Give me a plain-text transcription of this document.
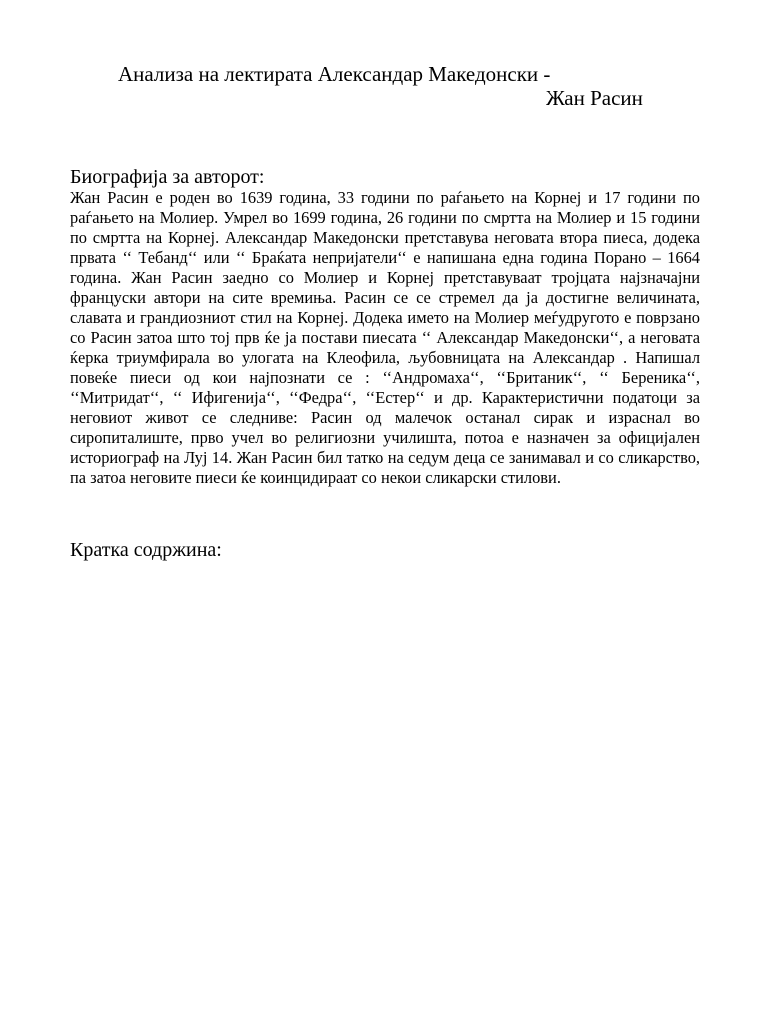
Анализа на лектирата Александар Македонски -
Жан Расин
Биографија за авторот:
Жан Расин е роден во 1639 година, 33 години по раѓањето на Корнеј и 17 години по раѓањето на Молиер. Умрел во 1699 година, 26 години по смртта на Молиер и 15 години по смртта на Корнеј. Александар Македонски претставува неговата втора пиеса, додека првата ‘‘ Тебанд‘‘ или ‘‘ Браќата непријатели‘‘ е напишана една година Порано – 1664 година. Жан Расин заедно со Молиер и Корнеј претставуваат тројцата најзначајни француски автори на сите времиња. Расин се се стремел да ја достигне величината, славата и грандиозниот стил на Корнеј. Додека името на Молиер меѓудругото е поврзано со Расин затоа што тој прв ќе ја постави пиесата ‘‘ Александар Македонски‘‘, а неговата ќерка триумфирала во улогата на Клеофила, љубовницата на Александар . Напишал повеќе пиеси од кои најпознати се : ‘‘Андромаха‘‘, ‘‘Британик‘‘, ‘‘ Береника‘‘, ‘‘Митридат‘‘, ‘‘ Ифигенија‘‘, ‘‘Федра‘‘, ‘‘Естер‘‘ и др. Карактеристични податоци за неговиот живот се следниве: Расин од малечок останал сирак и израснал во сиропиталиште, прво учел во религиозни училишта, потоа е назначен за официјален историограф на Луј 14. Жан Расин бил татко на седум деца се занимавал и со сликарство, па затоа неговите пиеси ќе коинцидираат со некои сликарски стилови.
Кратка содржина:
